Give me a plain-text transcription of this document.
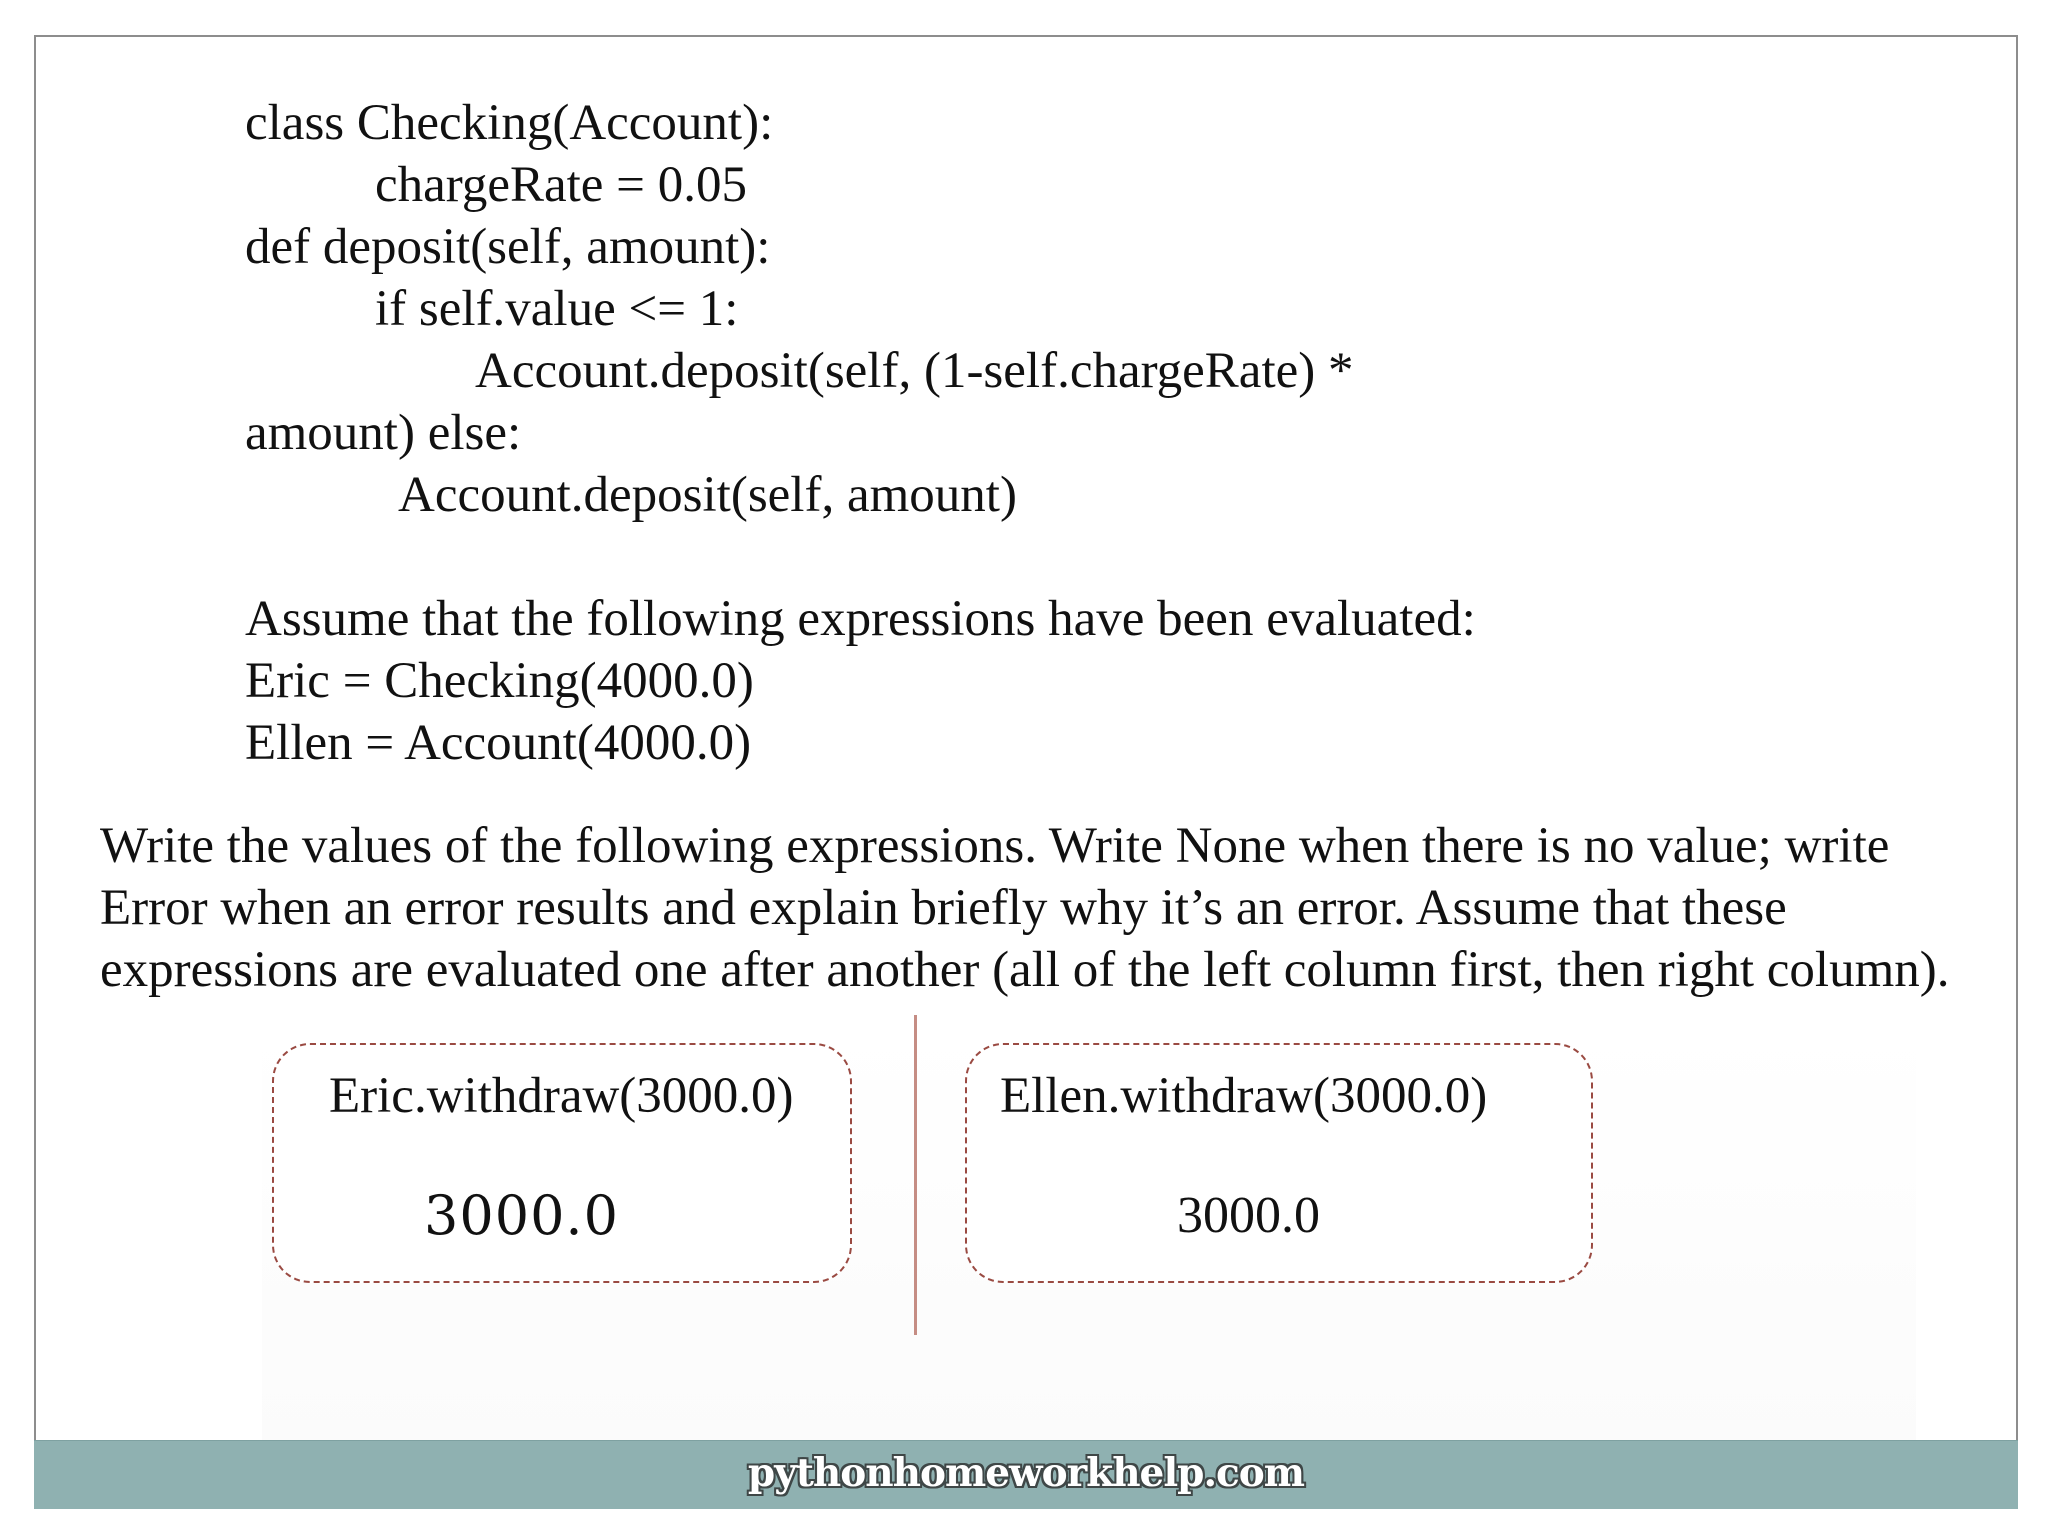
class Checking(Account):
chargeRate = 0.05
def deposit(self, amount):
if self.value <= 1:
Account.deposit(self, (1-self.chargeRate) *
amount) else:
Account.deposit(self, amount)
Assume that the following expressions have been evaluated:
Eric = Checking(4000.0)
Ellen = Account(4000.0)
Write the values of the following expressions. Write None when there is no value; write
Error when an error results and explain briefly why it’s an error. Assume that these
expressions are evaluated one after another (all of the left column first, then right column).
Eric.withdraw(3000.0)
3000.0
Ellen.withdraw(3000.0)
3000.0
pythonhomeworkhelp.com
